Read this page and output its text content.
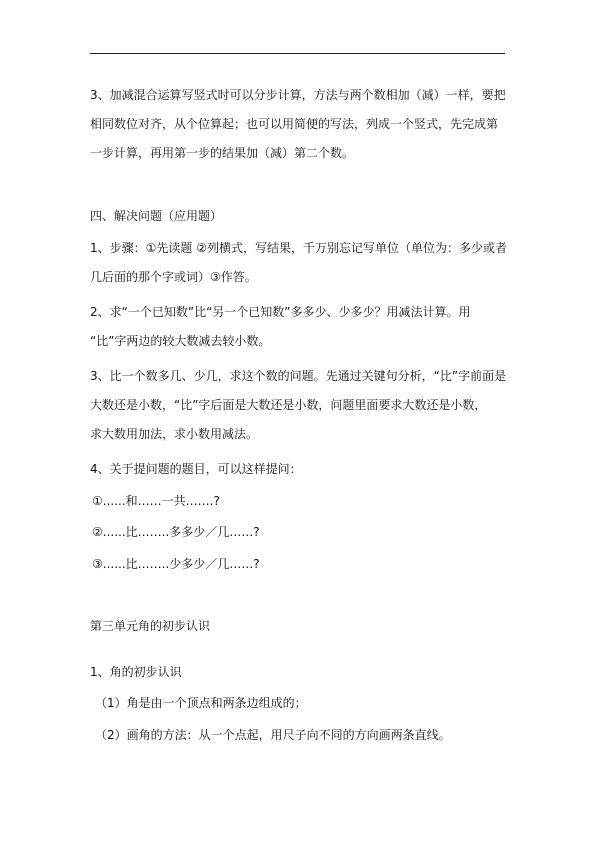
3、加减混合运算写竖式时可以分步计算，方法与两个数相加（减）一样，要把
相同数位对齐，从个位算起；也可以用简便的写法，列成一个竖式，先完成第
一步计算，再用第一步的结果加（减）第二个数。
四、解决问题（应用题）
1、步骤：①先读题 ②列横式，写结果，千万别忘记写单位（单位为：多少或者
几后面的那个字或词）③作答。
2、求“一个已知数”比“另一个已知数”多多少、少多少？用减法计算。用
“比”字两边的较大数减去较小数。
3、比一个数多几、少几，求这个数的问题。先通过关键句分析，“比”字前面是
大数还是小数，“比”字后面是大数还是小数，问题里面要求大数还是小数，
求大数用加法，求小数用减法。
4、关于提问题的题目，可以这样提问：
①......和……一共…….?
②......比……..多多少／几……?
③......比……..少多少／几……?
第三单元角的初步认识
1、角的初步认识
（1）角是由一个顶点和两条边组成的；
（2）画角的方法：从一个点起，用尺子向不同的方向画两条直线。
